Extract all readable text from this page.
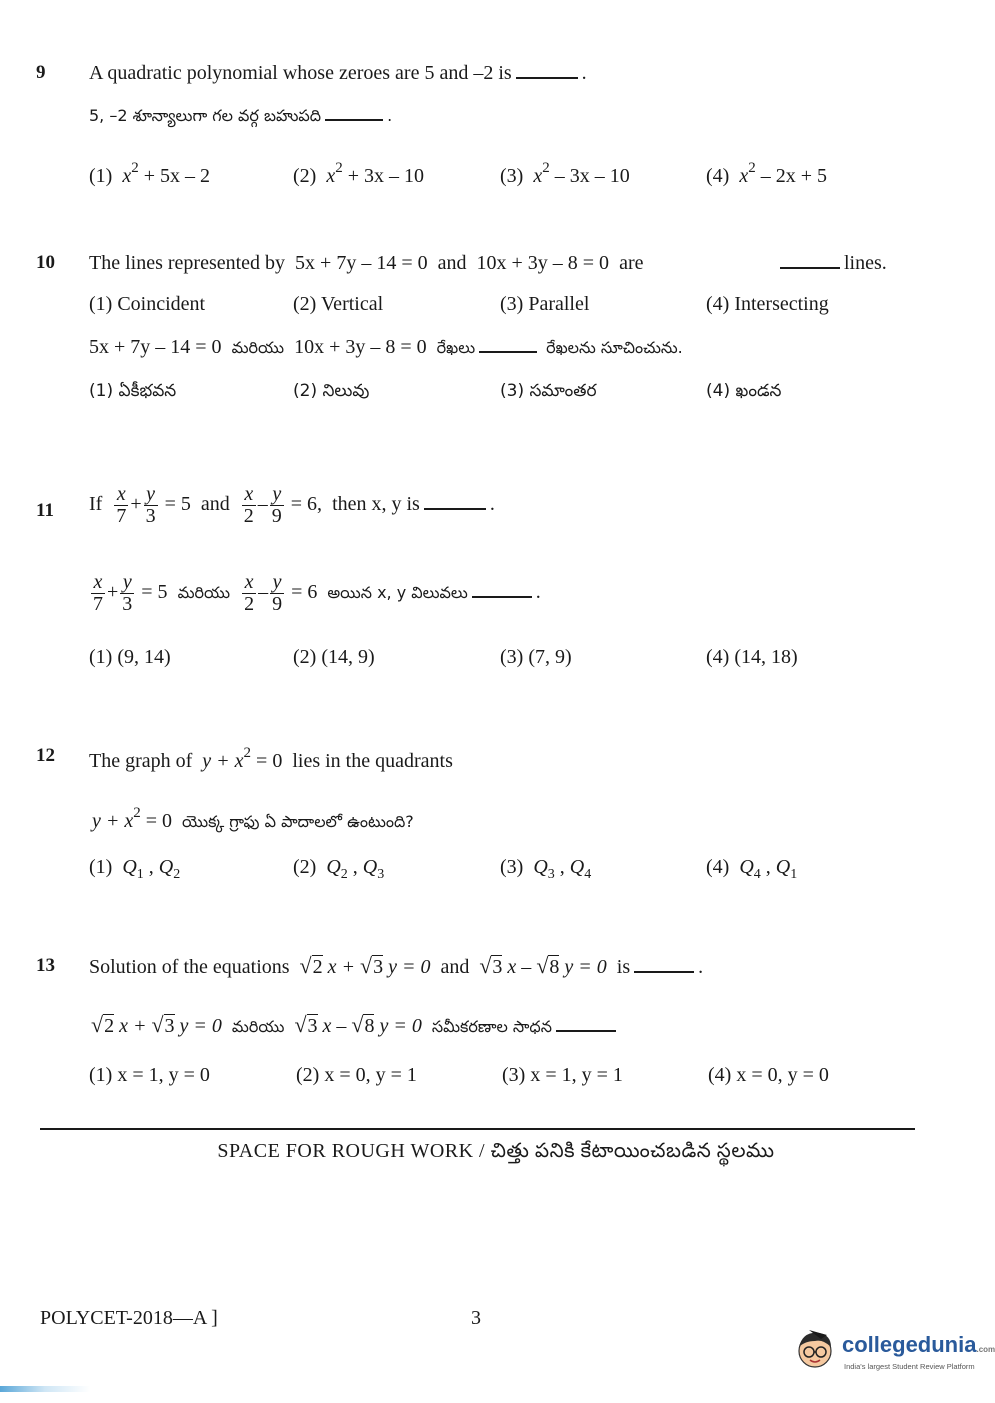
9 A quadratic polynomial whose zeroes are 5 and –2 is	.
5, –2 శూన్యాలుగా గల వర్గ బహుపది	.
(1) $x^2 + 5x - 2$	(2) $x^2 + 3x - 10$	(3) $x^2 - 3x - 10$	(4) $x^2 - 2x + 5$
10 The lines represented by 5x + 7y – 14 = 0 and 10x + 3y – 8 = 0 are	lines.
(1) Coincident	(2) Vertical	(3) Parallel	(4) Intersecting
5x + 7y – 14 = 0 మరియు 10x + 3y – 8 = 0 రేఖలు	రేఖలను సూచించును.
(1) ఏకీభవన	(2) నిలువు	(3) సమాంతర	(4) ఖండన
11 If $\frac{x}{7} + \frac{y}{3} = 5$ and $\frac{x}{2} - \frac{y}{9} = 6$, then x, y is	.
$\frac{x}{7} + \frac{y}{3} = 5$ మరియు $\frac{x}{2} - \frac{y}{9} = 6$ అయిన x, y విలువలు	.
(1) (9, 14)	(2) (14, 9)	(3) (7, 9)	(4) (14, 18)
12 The graph of $y + x^2 = 0$ lies in the quadrants
$y + x^2 = 0$ యొక్క గ్రాఫు ఏ పాదాలలో ఉంటుంది?
(1) $Q_1$ , $Q_2$	(2) $Q_2$ , $Q_3$	(3) $Q_3$ , $Q_4$	(4) $Q_4$ , $Q_1$
13 Solution of the equations √2 x + √3 y = 0 and √3 x – √8 y = 0 is	.
√2 x + √3 y = 0 మరియు √3 x – √8 y = 0 సమీకరణాల సాధన
(1) x = 1, y = 0	(2) x = 0, y = 1	(3) x = 1, y = 1	(4) x = 0, y = 0
SPACE FOR ROUGH WORK / చిత్తు పనికి కేటాయించబడిన స్థలము
POLYCET-2018—A ]	3
collegedunia.com
India's largest Student Review Platform
